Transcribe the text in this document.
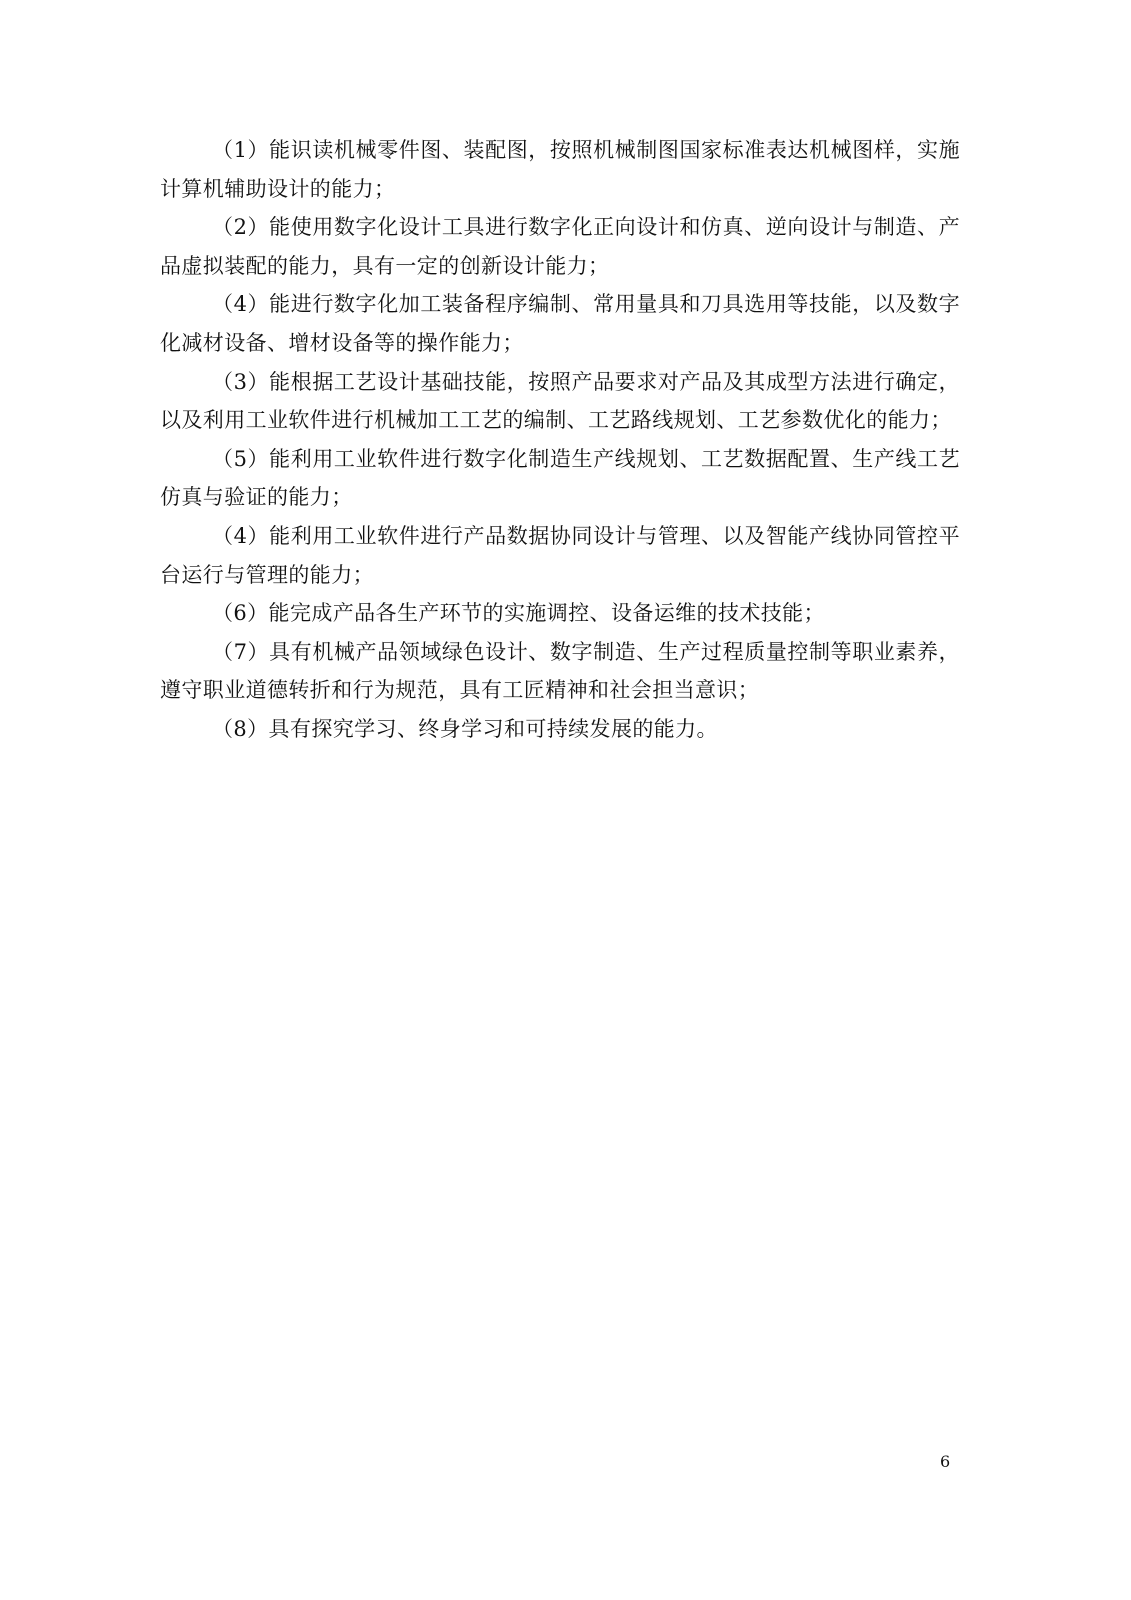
（1）能识读机械零件图、装配图，按照机械制图国家标准表达机械图样，实施计算机辅助设计的能力；

（2）能使用数字化设计工具进行数字化正向设计和仿真、逆向设计与制造、产品虚拟装配的能力，具有一定的创新设计能力；

（4）能进行数字化加工装备程序编制、常用量具和刀具选用等技能，以及数字化减材设备、增材设备等的操作能力；

（3）能根据工艺设计基础技能，按照产品要求对产品及其成型方法进行确定，以及利用工业软件进行机械加工工艺的编制、工艺路线规划、工艺参数优化的能力；

（5）能利用工业软件进行数字化制造生产线规划、工艺数据配置、生产线工艺仿真与验证的能力；

（4）能利用工业软件进行产品数据协同设计与管理、以及智能产线协同管控平台运行与管理的能力；

（6）能完成产品各生产环节的实施调控、设备运维的技术技能；

（7）具有机械产品领域绿色设计、数字制造、生产过程质量控制等职业素养，遵守职业道德转折和行为规范，具有工匠精神和社会担当意识；

（8）具有探究学习、终身学习和可持续发展的能力。

6
